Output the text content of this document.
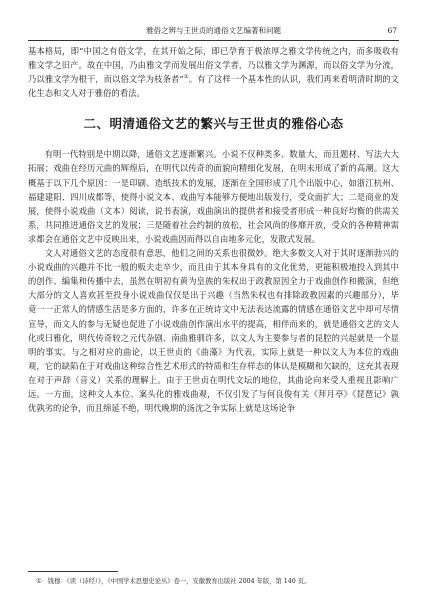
雅俗之辨与王世贞的通俗文艺编著和问题	67

基本格局，即“中国之有俗文学，在其开始之际，即已孕育于极浓厚之雅文学传统之内，而多吸收有雅文学之旧产。故在中国，乃由雅文学而发展出俗文学者，乃以雅文学为渊源，而以俗文学为分流，乃以雅文学为根干，而以俗文学为枝条者”①。有了这样一个基本性的认识，我们再来看明清时期的文化生态和文人对于雅俗的看法。

二、明清通俗文艺的繁兴与王世贞的雅俗心态

有明一代特别是中期以降，通俗文艺逐渐繁兴。小说不仅种类多、数量大，而且题材、写法大大拓展；戏曲在经历元曲的辉煌后，在明代以传奇的面貌向精细化发展，在明末形成了新的高潮。这大概基于以下几个原因：一是印刷、造纸技术的发展，逐渐在全国形成了几个出版中心，如浙江杭州、福建建阳、四川成都等，使得小说文本、戏曲写本能够方便地出版发行，受众面扩大；二是商业的发展，使得小说戏曲（文本）阅读，说书表演，戏曲演出的提供者和接受者形成一种良好均衡的供需关系，共同推进通俗文艺的发展；三是随着社会约制的放松，社会风尚的侈靡开放，受众的各种精神需求都会在通俗文艺中反映出来，小说戏曲因而得以自由地多元化，发散式发展。

文人对通俗文艺的态度很有意思，他们之间的关系也很微妙。绝大多数文人对于其时逐渐勃兴的小说戏曲的兴趣并不比一般的贩夫走卒少，而且由于其本身具有的文化优势，更能积极地投入到其中的创作、编集和传播中去，虽然在明初有黄为皇族的朱权出于政教原因全力于戏曲创作和搬演，但绝大部分的文人喜欢甚至投身小说戏曲仅仅是出于兴趣（当然朱权也有排除政教因素的兴趣部分），毕竟一一正常人的情感生活是多方面的，许多在正统诗文中无法表达流露的情感在通俗文艺中却可尽情宣导，而文人的参与无疑也促进了小说戏曲创作演出水平的提高，相伴而来的，就是通俗文艺的文人化或曰雅化，明代传奇较之元代杂剧、南曲雅驯许多，以文人为主要参与者的昆腔的兴起就是一个显明的事实。与之相对应的曲论，以王世贞的《曲藻》为代表，实际上就是一种以文人为本位的戏曲观，它的缺陷在于对戏曲这种综合性艺术形式的特质和生存样态的体认是模糊和欠缺的，这充其表现在对于声辞（音义）关系的理解上。由于王世贞在明代文坛的地位，其曲论向来受人重视且影响广远。一方面，这种文人本位、案头化的雅戏曲观，不仅引发了与何良俊有关《拜月亭》《琵琶记》孰优孰劣的论争，而且绵延不绝，明代晚期的汤沈之争实际上就是这场论争

① 钱穆：《读（诗经）》，《中国学术思想史论丛》卷一，安徽教育出版社 2004 年版，第 140 页。
